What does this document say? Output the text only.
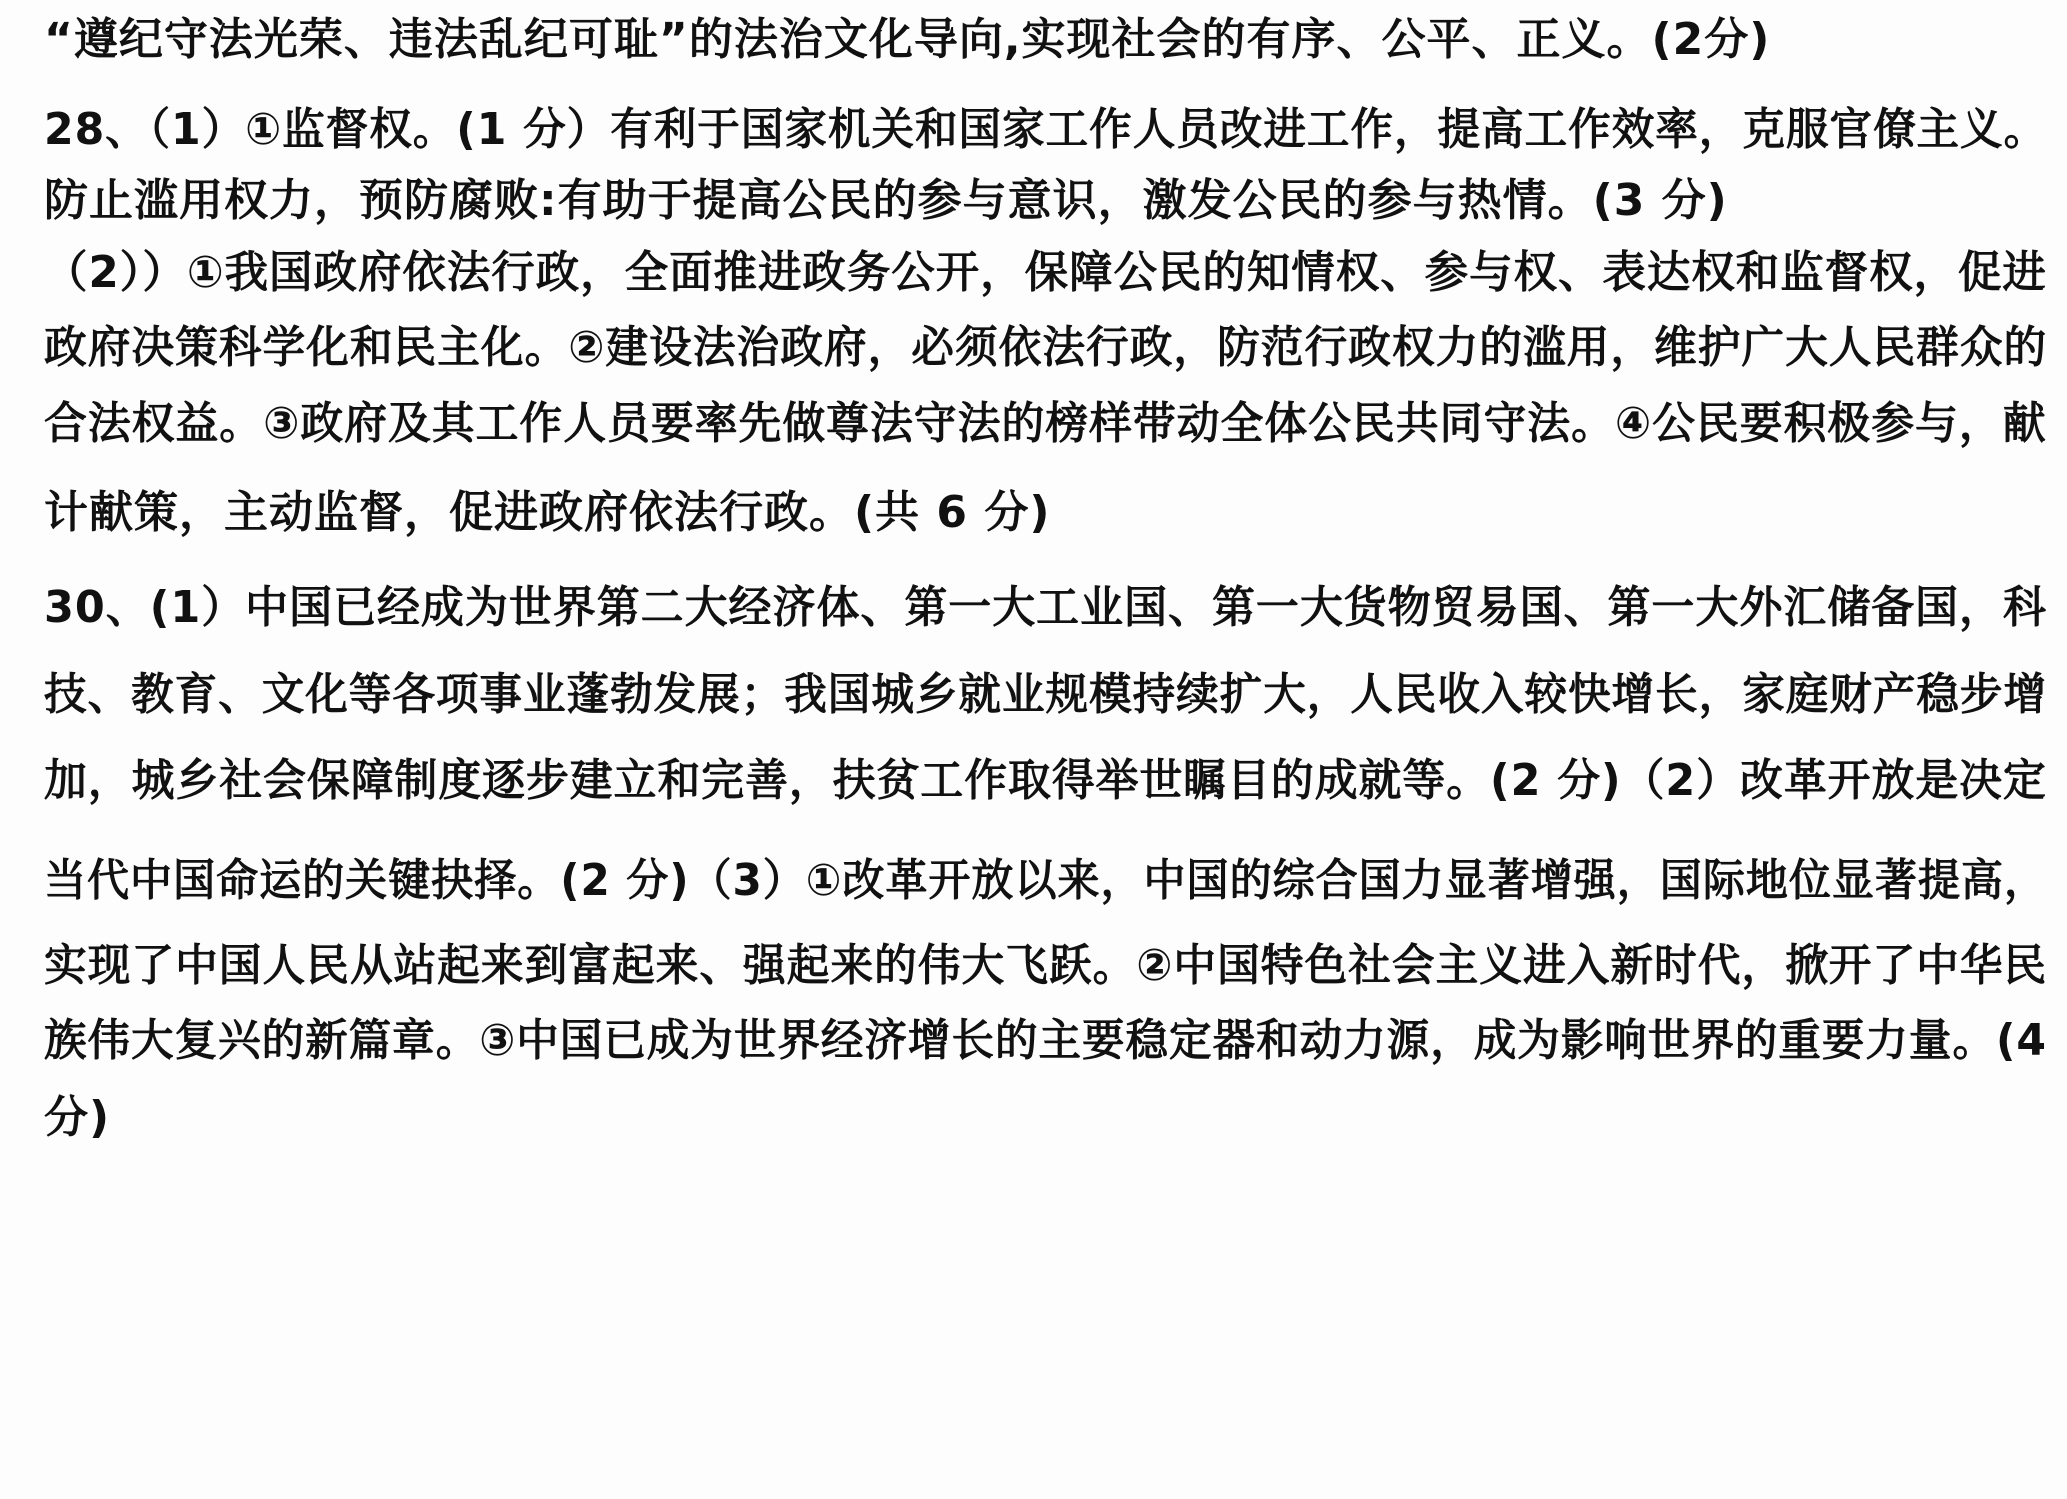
“遵纪守法光荣、违法乱纪可耻”的法治文化导向,实现社会的有序、公平、正义。(2分)
28、（1）①监督权。(1 分）有利于国家机关和国家工作人员改进工作，提高工作效率，克服官僚主义。
防止滥用权力，预防腐败:有助于提高公民的参与意识，激发公民的参与热情。(3 分)
（2））①我国政府依法行政，全面推进政务公开，保障公民的知情权、参与权、表达权和监督权，促进
政府决策科学化和民主化。②建设法治政府，必须依法行政，防范行政权力的滥用，维护广大人民群众的
合法权益。③政府及其工作人员要率先做尊法守法的榜样带动全体公民共同守法。④公民要积极参与，献
计献策，主动监督，促进政府依法行政。(共 6 分)
30、(1）中国已经成为世界第二大经济体、第一大工业国、第一大货物贸易国、第一大外汇储备国，科
技、教育、文化等各项事业蓬勃发展；我国城乡就业规模持续扩大，人民收入较快增长，家庭财产稳步增
加，城乡社会保障制度逐步建立和完善，扶贫工作取得举世瞩目的成就等。(2 分)（2）改革开放是决定
当代中国命运的关键抉择。(2 分)（3）①改革开放以来，中国的综合国力显著增强，国际地位显著提高，
实现了中国人民从站起来到富起来、强起来的伟大飞跃。②中国特色社会主义进入新时代，掀开了中华民
族伟大复兴的新篇章。③中国已成为世界经济增长的主要稳定器和动力源，成为影响世界的重要力量。(4
分)
